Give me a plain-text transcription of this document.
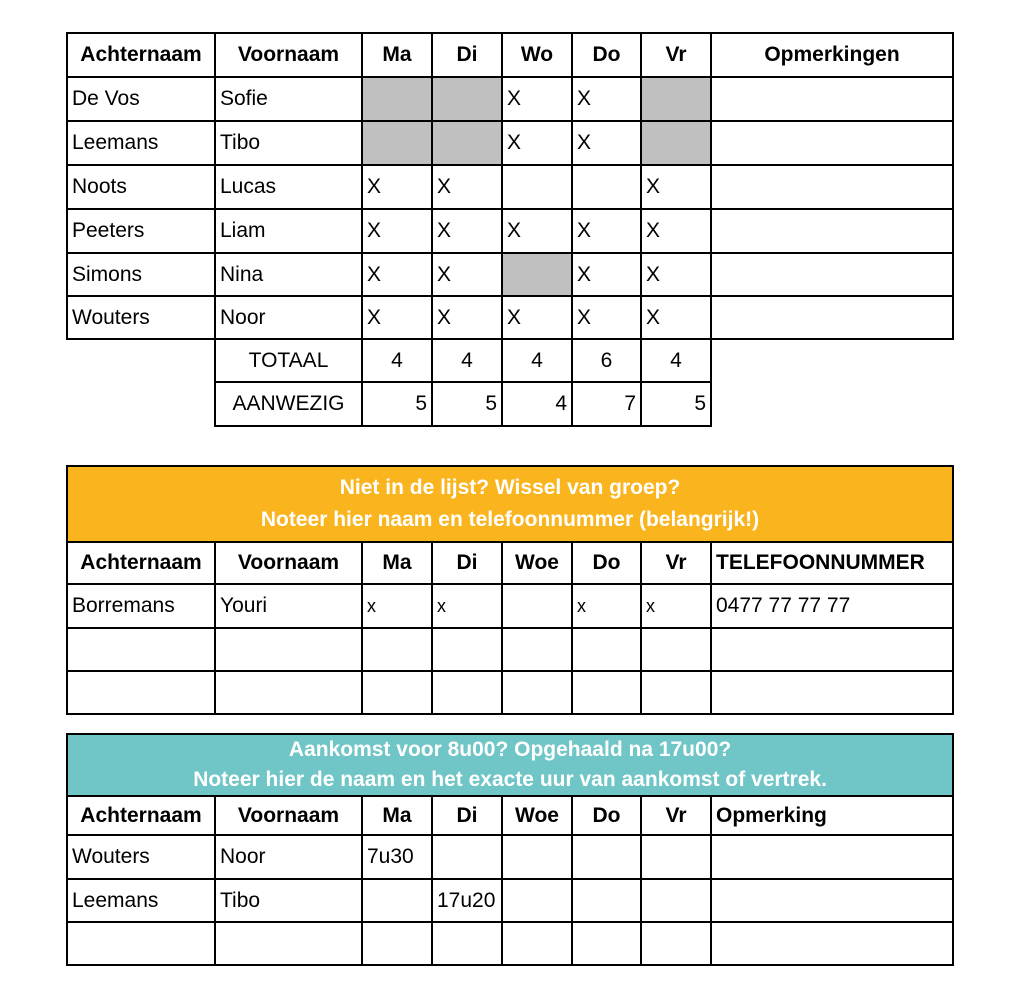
Achternaam	Voornaam	Ma	Di	Wo	Do	Vr	Opmerkingen
De Vos	Sofie			X	X		
Leemans	Tibo			X	X		
Noots	Lucas	X	X			X	
Peeters	Liam	X	X	X	X	X	
Simons	Nina	X	X		X	X	
Wouters	Noor	X	X	X	X	X	
	TOTAAL	4	4	4	6	4	
	AANWEZIG	5	5	4	7	5	
Niet in de lijst? Wissel van groep?
Noteer hier naam en telefoonnummer (belangrijk!)							

Achternaam	Voornaam	Ma	Di	Woe	Do	Vr	TELEFOONNUMMER
Borremans	Youri	x	x		x	x	0477 77 77 77

Aankomst voor 8u00? Opgehaald na 17u00?
Noteer hier de naam en het exacte uur van aankomst of vertrek.							

Achternaam	Voornaam	Ma	Di	Woe	Do	Vr	Opmerking
Wouters	Noor	7u30					
Leemans	Tibo		17u20				
